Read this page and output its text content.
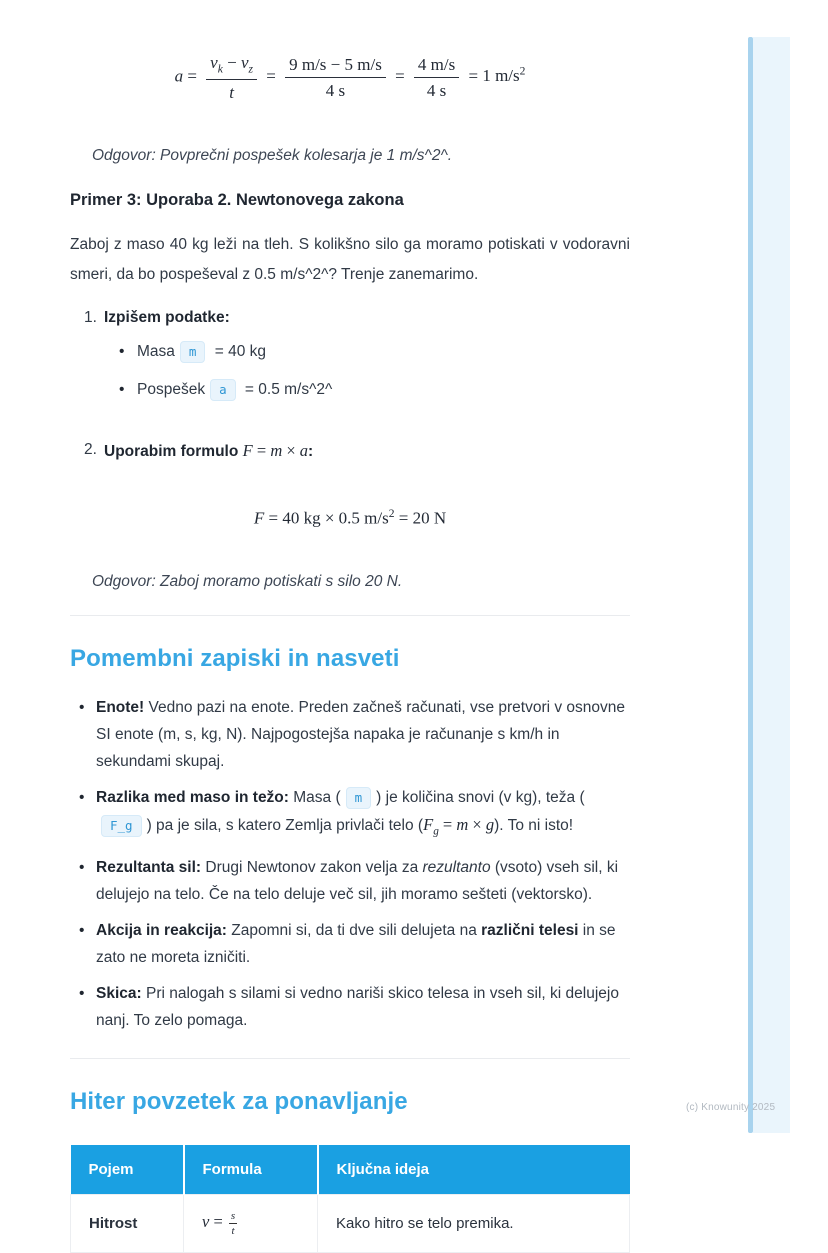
$a = \frac{v_k - v_z}{t} = \frac{9 m/s - 5 m/s}{4 s} = \frac{4 m/s}{4 s} = 1$ $m/s^2$

Odgovor: Povprečni pospešek kolesarja je 1 m/s^2^.

Primer 3: Uporaba 2. Newtonovega zakona

Zaboj z maso 40 kg leži na tleh. S kolikšno silo ga moramo potiskati v vodoravni smeri, da bo pospeševal z 0.5 m/s^2^? Trenje zanemarimo.

1. Izpišem podatke:
• Masa m = 40 kg
• Pospešek a = 0.5 m/s^2^
2. Uporabim formulo F = m × a:
F = 40 kg × 0.5 $m/s^2 = 20$ N

Odgovor: Zaboj moramo potiskati s silo 20 N.

Pomembni zapiski in nasveti
• Enote! Vedno pazi na enote. Preden začneš računati, vse pretvori v osnovne SI enote (m, s, kg, N). Najpogostejša napaka je računanje s km/h in sekundami skupaj.
• Razlika med maso in težo: Masa ( m ) je količina snovi (v kg), teža (F_g ) pa je sila, s katero Zemlja privlači telo $(F_g = m \times g)$. To ni isto!
• Rezultanta sil: Drugi Newtonov zakon velja za rezultanto (vsoto) vseh sil, ki delujejo na telo. Če na telo deluje več sil, jih moramo sešteti (vektorsko).
• Akcija in reakcija: Zapomni si, da ti dve sili delujeta na različni telesi in se zato ne moreta izničiti.
• Skica: Pri nalogah s silami si vedno nariši skico telesa in vseh sil, ki delujejo nanj. To zelo pomaga.
Hiter povzetek za ponavljanje
Pojem	Formula	Ključna ideja
Hitrost	$v = \frac{s}{t}$	Kako hitro se telo premika.
(c) Knowunity 2025
